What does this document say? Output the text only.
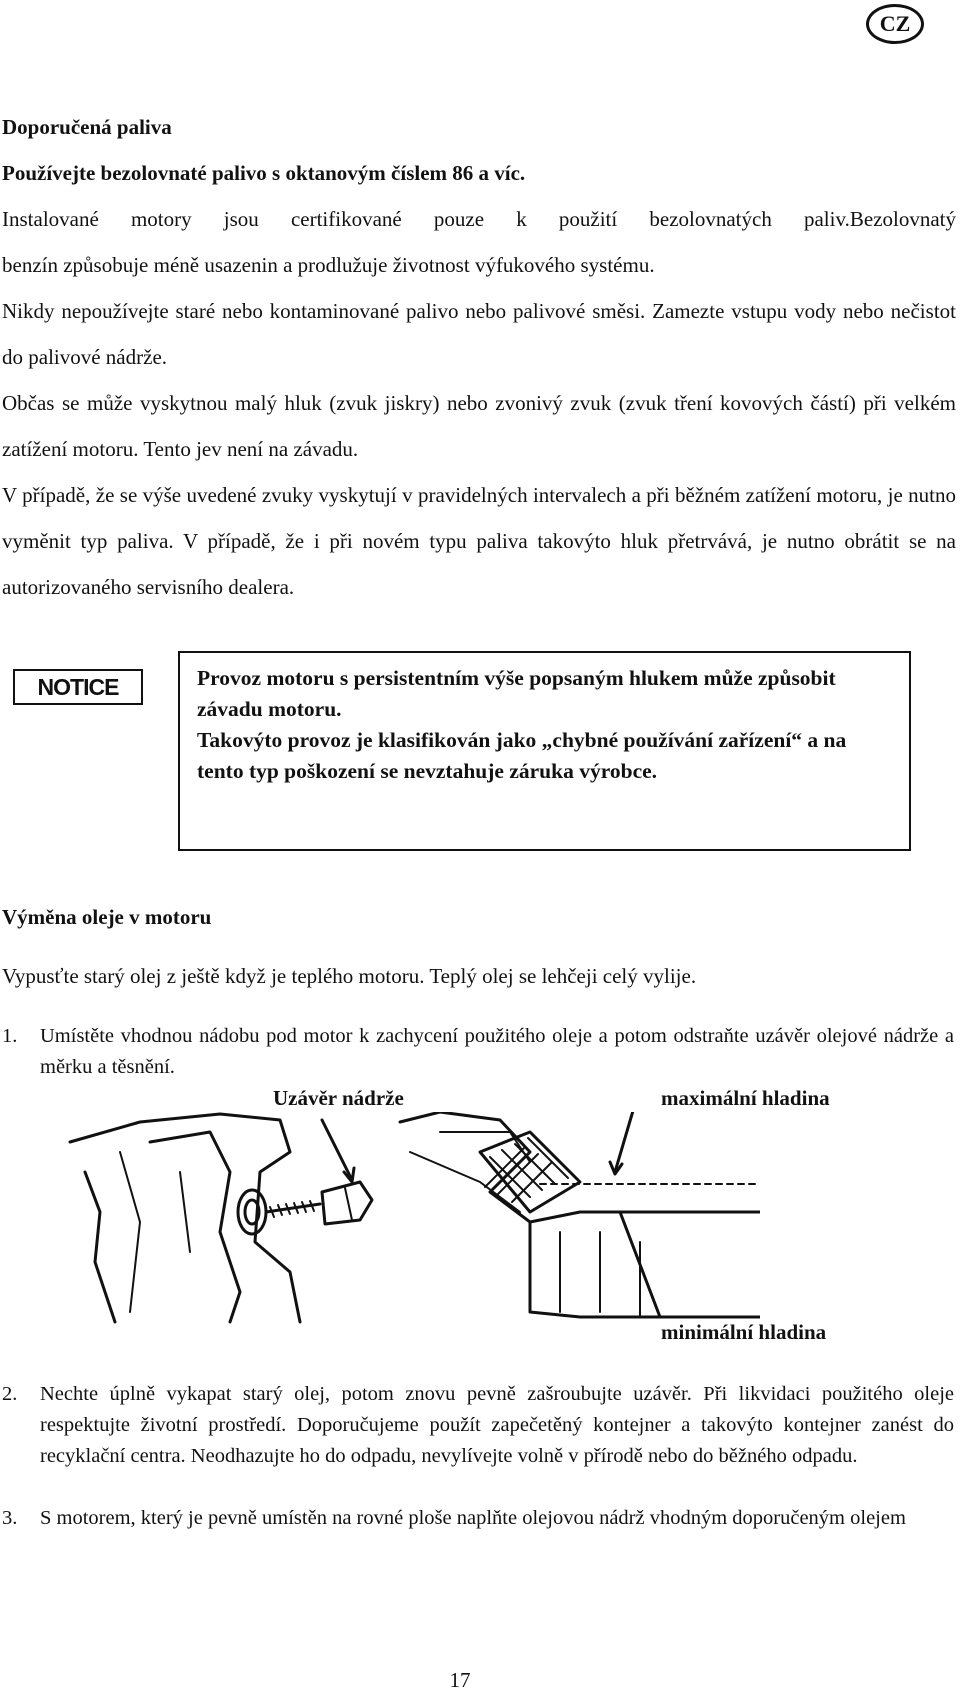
CZ
Doporučená paliva
Používejte bezolovnaté palivo s oktanovým číslem 86 a víc.
Instalované motory jsou certifikované pouze k použití bezolovnatých paliv.Bezolovnatý
benzín způsobuje méně usazenin a prodlužuje životnost výfukového systému.
Nikdy nepoužívejte staré nebo kontaminované palivo nebo palivové směsi. Zamezte vstupu vody nebo nečistot do palivové nádrže.
Občas se může vyskytnou malý hluk (zvuk jiskry) nebo zvonivý zvuk (zvuk tření kovových částí) při velkém zatížení motoru. Tento jev není na závadu.
V případě, že se výše uvedené zvuky vyskytují v pravidelných intervalech a při běžném zatížení motoru, je nutno vyměnit typ paliva. V případě, že i při novém typu paliva takovýto hluk přetrvává, je nutno obrátit se na autorizovaného servisního dealera.
NOTICE	Provoz motoru s persistentním výše popsaným hlukem může způsobit závadu motoru.

Takovýto provoz je klasifikován jako „chybné používání zařízení“ a na tento typ poškození se nevztahuje záruka výrobce.

Výměna oleje v motoru
Vypusťte starý olej z ještě když je teplého motoru. Teplý olej se lehčeji celý vylije.
1. Umístěte vhodnou nádobu pod motor k zachycení použitého oleje a potom odstraňte uzávěr olejové nádrže a měrku a těsnění.
Uzávěr nádrže	maximální hladina
minimální hladina
2. Nechte úplně vykapat starý olej, potom znovu pevně zašroubujte uzávěr. Při likvidaci použitého oleje respektujte životní prostředí. Doporučujeme použít zapečetěný kontejner a takovýto kontejner zanést do recyklační centra. Neodhazujte ho do odpadu, nevylívejte volně v přírodě nebo do běžného odpadu.
3. S motorem, který je pevně umístěn na rovné ploše naplňte olejovou nádrž vhodným doporučeným olejem
17
